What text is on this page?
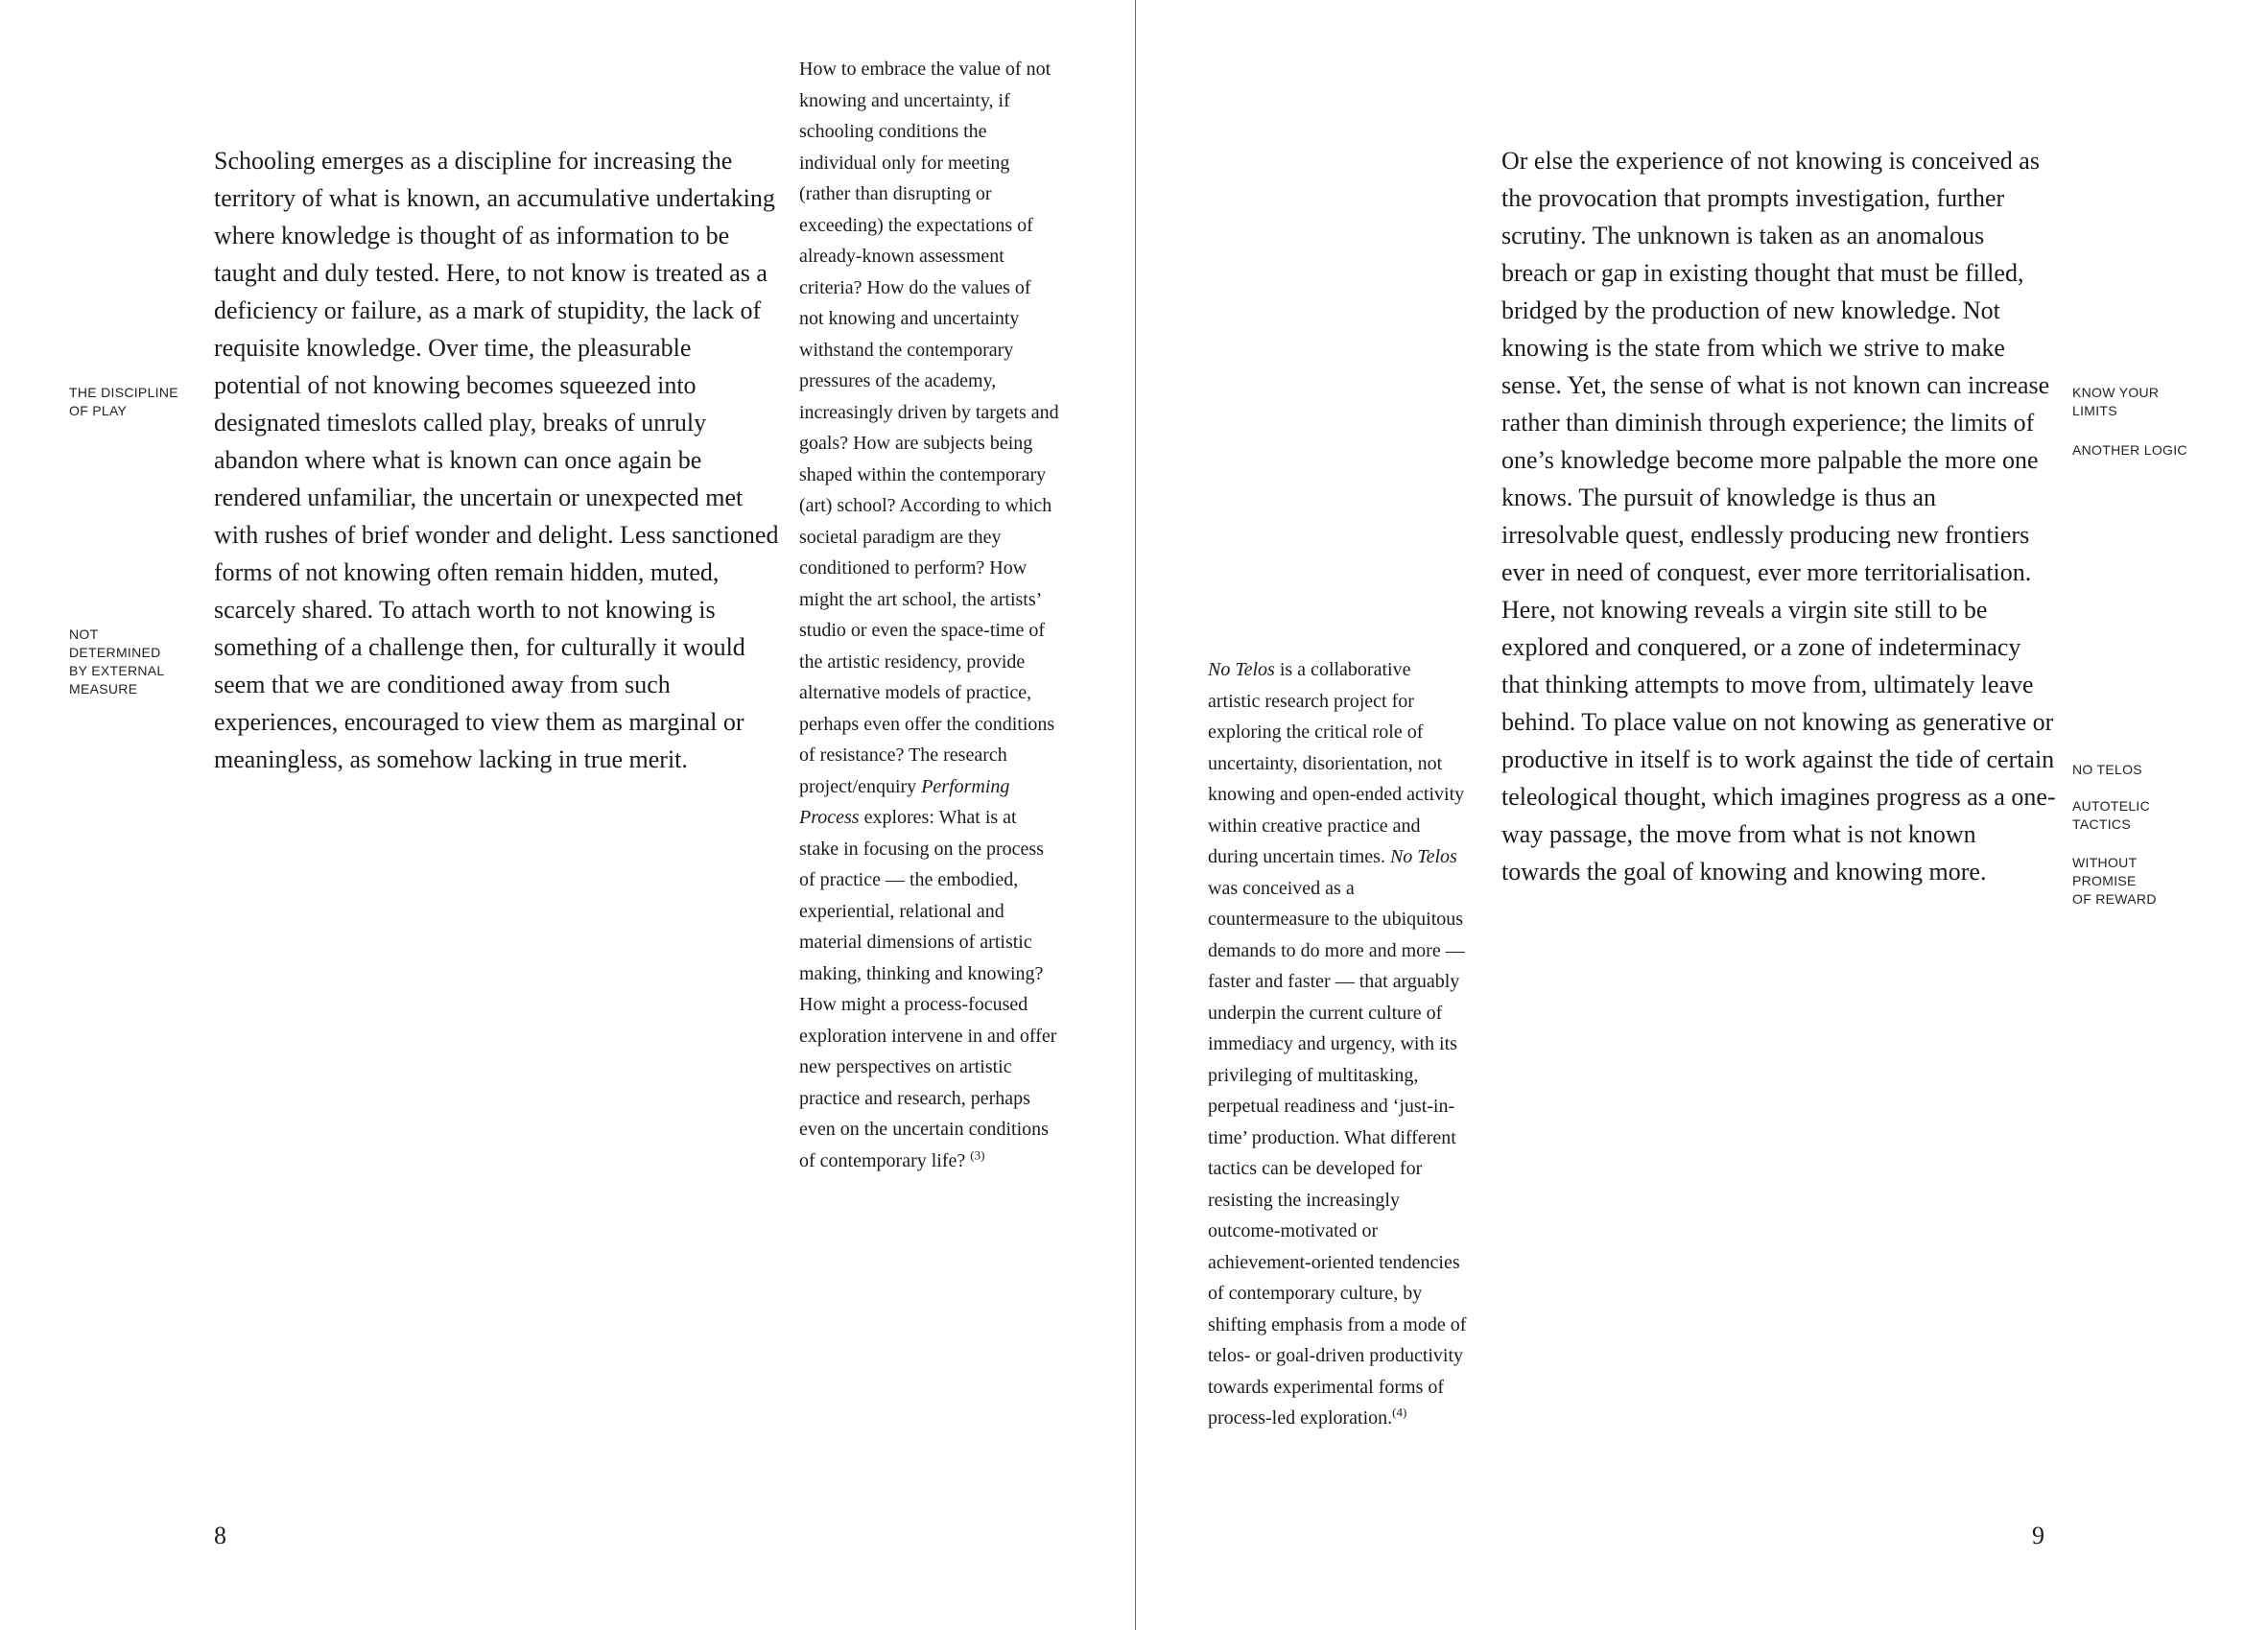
THE DISCIPLINE OF PLAY
NOT DETERMINED BY EXTERNAL MEASURE
Schooling emerges as a discipline for increasing the territory of what is known, an accumulative undertaking where knowledge is thought of as information to be taught and duly tested. Here, to not know is treated as a deficiency or failure, as a mark of stupidity, the lack of requisite knowledge. Over time, the pleasurable potential of not knowing becomes squeezed into designated timeslots called play, breaks of unruly abandon where what is known can once again be rendered unfamiliar, the uncertain or unexpected met with rushes of brief wonder and delight. Less sanctioned forms of not knowing often remain hidden, muted, scarcely shared. To attach worth to not knowing is something of a challenge then, for culturally it would seem that we are conditioned away from such experiences, encouraged to view them as marginal or meaningless, as somehow lacking in true merit.
How to embrace the value of not knowing and uncertainty, if schooling conditions the individual only for meeting (rather than disrupting or exceeding) the expectations of already-known assessment criteria? How do the values of not knowing and uncertainty withstand the contemporary pressures of the academy, increasingly driven by targets and goals? How are subjects being shaped within the contemporary (art) school? According to which societal paradigm are they conditioned to perform? How might the art school, the artists’ studio or even the space-time of the artistic residency, provide alternative models of practice, perhaps even offer the conditions of resistance? The research project/enquiry Performing Process explores: What is at stake in focusing on the process of practice — the embodied, experiential, relational and material dimensions of artistic making, thinking and knowing? How might a process-focused exploration intervene in and offer new perspectives on artistic practice and research, perhaps even on the uncertain conditions of contemporary life? $^{(3)}$
8
No Telos is a collaborative artistic research project for exploring the critical role of uncertainty, disorientation, not knowing and open-ended activity within creative practice and during uncertain times. No Telos was conceived as a countermeasure to the ubiquitous demands to do more and more — faster and faster — that arguably underpin the current culture of immediacy and urgency, with its privileging of multitasking, perpetual readiness and ‘just-in-time’ production. What different tactics can be developed for resisting the increasingly outcome-motivated or achievement-oriented tendencies of contemporary culture, by shifting emphasis from a mode of telos- or goal-driven productivity towards experimental forms of process-led exploration.$^{(4)}$
Or else the experience of not knowing is conceived as the provocation that prompts investigation, further scrutiny. The unknown is taken as an anomalous breach or gap in existing thought that must be filled, bridged by the production of new knowledge. Not knowing is the state from which we strive to make sense. Yet, the sense of what is not known can increase rather than diminish through experience; the limits of one’s knowledge become more palpable the more one knows. The pursuit of knowledge is thus an irresolvable quest, endlessly producing new frontiers ever in need of conquest, ever more territorialisation. Here, not knowing reveals a virgin site still to be explored and conquered, or a zone of indeterminacy that thinking attempts to move from, ultimately leave behind. To place value on not knowing as generative or productive in itself is to work against the tide of certain teleological thought, which imagines progress as a one-way passage, the move from what is not known towards the goal of knowing and knowing more.
KNOW YOUR LIMITS
ANOTHER LOGIC
NO TELOS
AUTOTELIC TACTICS
WITHOUT PROMISE OF REWARD
9
